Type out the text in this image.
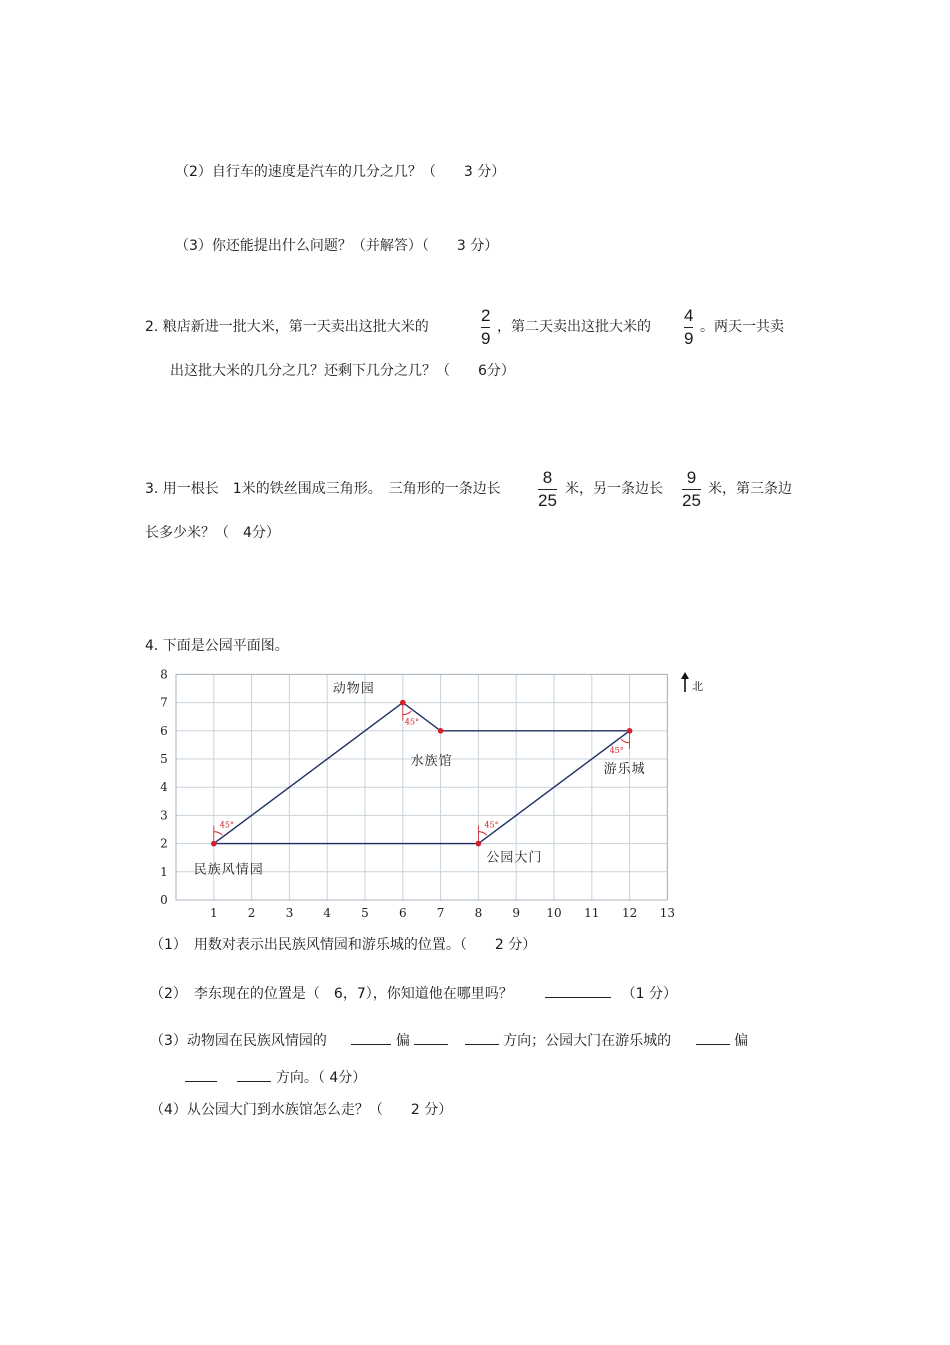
（2）自行车的速度是汽车的几分之几？（　　3 分）
（3）你还能提出什么问题？（并解答）（　　3 分）
2. 粮店新进一批大米，第一天卖出这批大米的
2
9
，第二天卖出这批大米的
4
9
。两天一共卖
出这批大米的几分之几？还剩下几分之几？（　　6分）
3. 用一根长　1米的铁丝围成三角形。　三角形的一条边长
8
25
米，另一条边长
9
25
米，第三条边
长多少米？（　4分）
4. 下面是公园平面图。
1	2	3	4	5	6	7	8	9 10 11 12 13
0
1
2
3
4
5
6
7
8
45°	45°
45°
45°
民族风情园
动物园
水族馆
游乐城
公园大门
北
（1）　用数对表示出民族风情园和游乐城的位置。（　　2 分）
（2）　李东现在的位置是（　6，7），你知道他在哪里吗？	（1 分）
（3）动物园在民族风情园的	偏	方向；公园大门在游乐城的	偏
方向。（ 4分）
（4）从公园大门到水族馆怎么走？（　　2 分）
